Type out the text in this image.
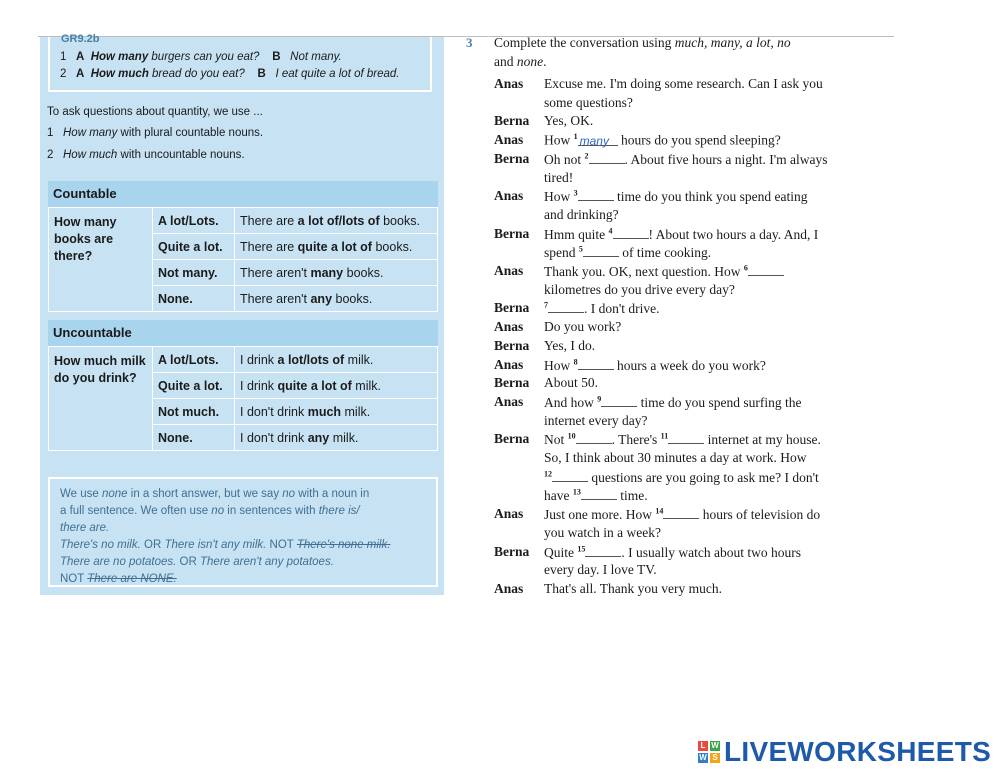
GR9.2b
1 A How many burgers can you eat? B Not many.
2 A How much bread do you eat? B I eat quite a lot of bread.
To ask questions about quantity, we use ...
1 How many with plural countable nouns.
2 How much with uncountable nouns.
Countable
How many books are there?	A lot/Lots.	There are a lot of/lots of books.
	Quite a lot.	There are quite a lot of books.
	Not many.	There aren't many books.
	None.	There aren't any books.
Uncountable
How much milk do you drink?	A lot/Lots.	I drink a lot/lots of milk.
	Quite a lot.	I drink quite a lot of milk.
	Not much.	I don't drink much milk.
	None.	I don't drink any milk.
We use none in a short answer, but we say no with a noun in
a full sentence. We often use no in sentences with there is/
there are.
There's no milk. OR There isn't any milk. NOT There's none milk.
There are no potatoes. OR There aren't any potatoes.
NOT There are NONE.
3 Complete the conversation using much, many, a lot, no
and none.
Anas Excuse me. I'm doing some research. Can I ask you
some questions?
Berna Yes, OK.
Anas How $^1$ many hours do you spend sleeping?
Berna Oh not $^2$	. About five hours a night. I'm always
tired!
Anas How $^3$	time do you think you spend eating
and drinking?
Berna Hmm quite $^4$	! About two hours a day. And, I
spend $^5$	of time cooking.
Anas Thank you. OK, next question. How $^6$
kilometres do you drive every day?
Berna $^7$	. I don't drive.
Anas Do you work?
Berna Yes, I do.
Anas How $^8$	hours a week do you work?
Berna About 50.
Anas And how $^9$	time do you spend surfing the
internet every day?
Berna Not $^{10}$	. There's $^{11}$	internet at my house.
So, I think about 30 minutes a day at work. How
$^{12}$	questions are you going to ask me? I don't
have $^{13}$	time.
Anas Just one more. How $^{14}$	hours of television do
you watch in a week?
Berna Quite $^{15}$	. I usually watch about two hours
every day. I love TV.
Anas That's all. Thank you very much.
L W
W S LIVEWORKSHEETS
